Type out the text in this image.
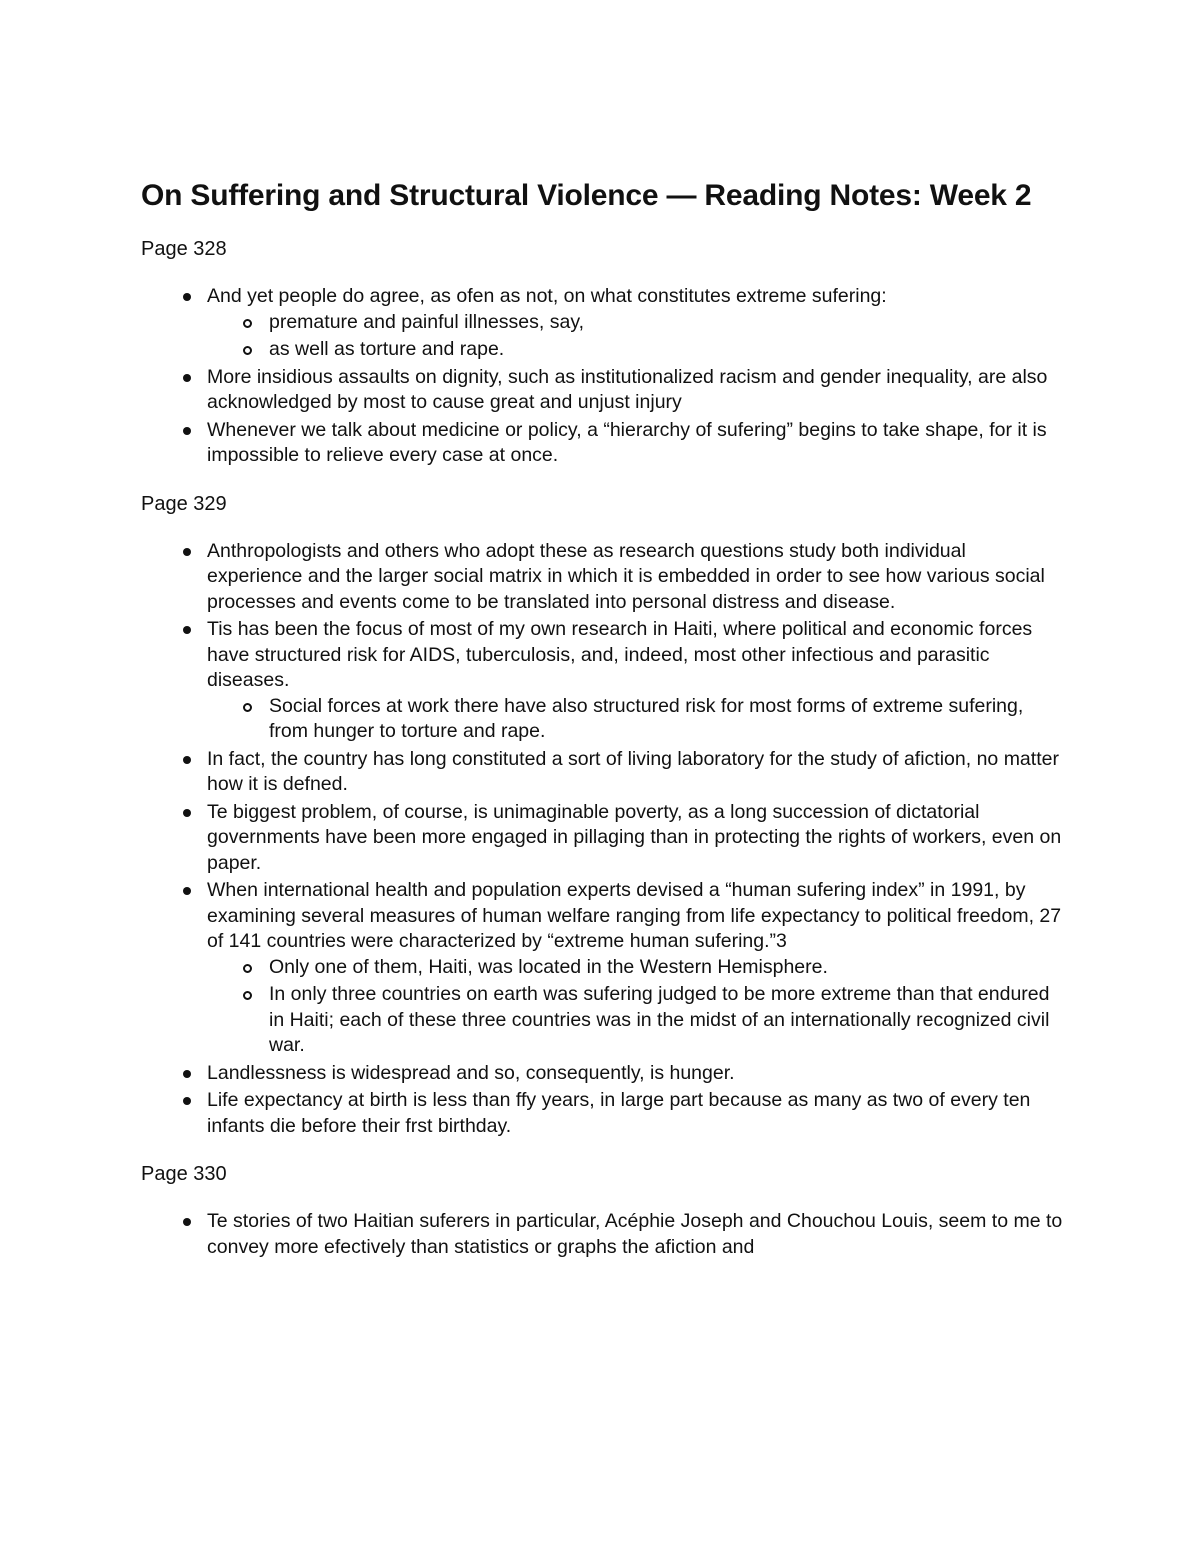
On Suffering and Structural Violence — Reading Notes: Week 2
Page 328
And yet people do agree, as ofen as not, on what constitutes extreme sufering:
premature and painful illnesses, say,
as well as torture and rape.
More insidious assaults on dignity, such as institutionalized racism and gender inequality, are also acknowledged by most to cause great and unjust injury
Whenever we talk about medicine or policy, a “hierarchy of sufering” begins to take shape, for it is impossible to relieve every case at once.
Page 329
Anthropologists and others who adopt these as research questions study both individual experience and the larger social matrix in which it is embedded in order to see how various social processes and events come to be translated into personal distress and disease.
Tis has been the focus of most of my own research in Haiti, where political and economic forces have structured risk for AIDS, tuberculosis, and, indeed, most other infectious and parasitic diseases.
Social forces at work there have also structured risk for most forms of extreme sufering, from hunger to torture and rape.
In fact, the country has long constituted a sort of living laboratory for the study of afiction, no matter how it is defned.
Te biggest problem, of course, is unimaginable poverty, as a long succession of dictatorial governments have been more engaged in pillaging than in protecting the rights of workers, even on paper.
When international health and population experts devised a “human sufering index” in 1991, by examining several measures of human welfare ranging from life expectancy to political freedom, 27 of 141 countries were characterized by “extreme human sufering.”3
Only one of them, Haiti, was located in the Western Hemisphere.
In only three countries on earth was sufering judged to be more extreme than that endured in Haiti; each of these three countries was in the midst of an internationally recognized civil war.
Landlessness is widespread and so, consequently, is hunger.
Life expectancy at birth is less than ffy years, in large part because as many as two of every ten infants die before their frst birthday.
Page 330
Te stories of two Haitian suferers in particular, Acéphie Joseph and Chouchou Louis, seem to me to convey more efectively than statistics or graphs the afiction and
